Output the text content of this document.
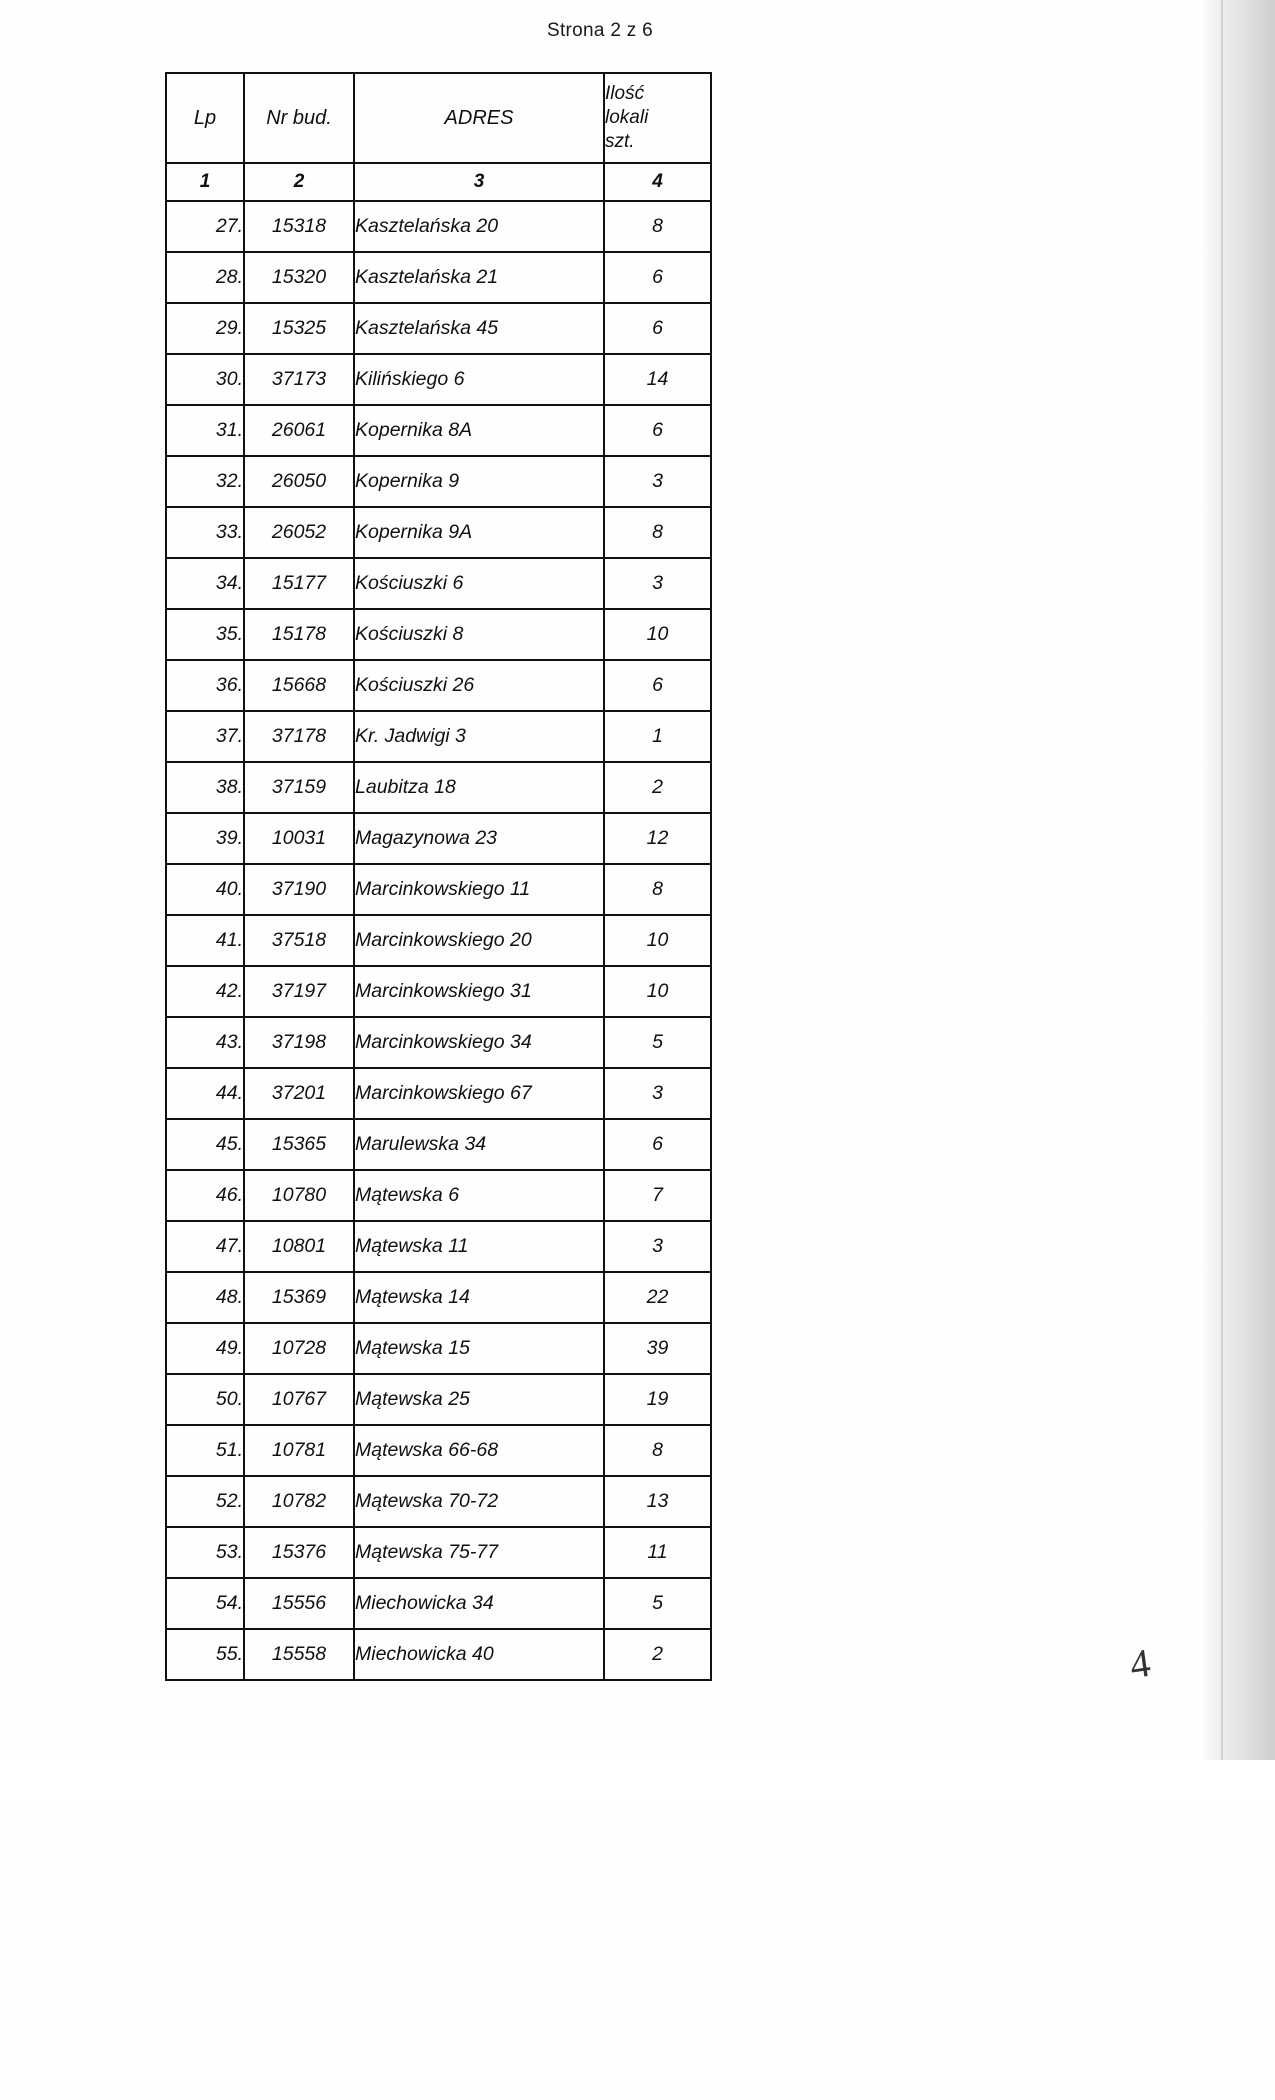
Strona 2 z 6
Lp	Nr bud.	ADRES	Ilość
lokali
szt.
1	2	3	4
27.	15318	Kasztelańska 20	8
28.	15320	Kasztelańska 21	6
29.	15325	Kasztelańska 45	6
30.	37173	Kilińskiego 6	14
31.	26061	Kopernika 8A	6
32.	26050	Kopernika 9	3
33.	26052	Kopernika 9A	8
34.	15177	Kościuszki 6	3
35.	15178	Kościuszki 8	10
36.	15668	Kościuszki 26	6
37.	37178	Kr. Jadwigi 3	1
38.	37159	Laubitza 18	2
39.	10031	Magazynowa 23	12
40.	37190	Marcinkowskiego 11	8
41.	37518	Marcinkowskiego 20	10
42.	37197	Marcinkowskiego 31	10
43.	37198	Marcinkowskiego 34	5
44.	37201	Marcinkowskiego 67	3
45.	15365	Marulewska 34	6
46.	10780	Mątewska 6	7
47.	10801	Mątewska 11	3
48.	15369	Mątewska 14	22
49.	10728	Mątewska 15	39
50.	10767	Mątewska 25	19
51.	10781	Mątewska 66-68	8
52.	10782	Mątewska 70-72	13
53.	15376	Mątewska 75-77	11
54.	15556	Miechowicka 34	5
55.	15558	Miechowicka 40	2	4
